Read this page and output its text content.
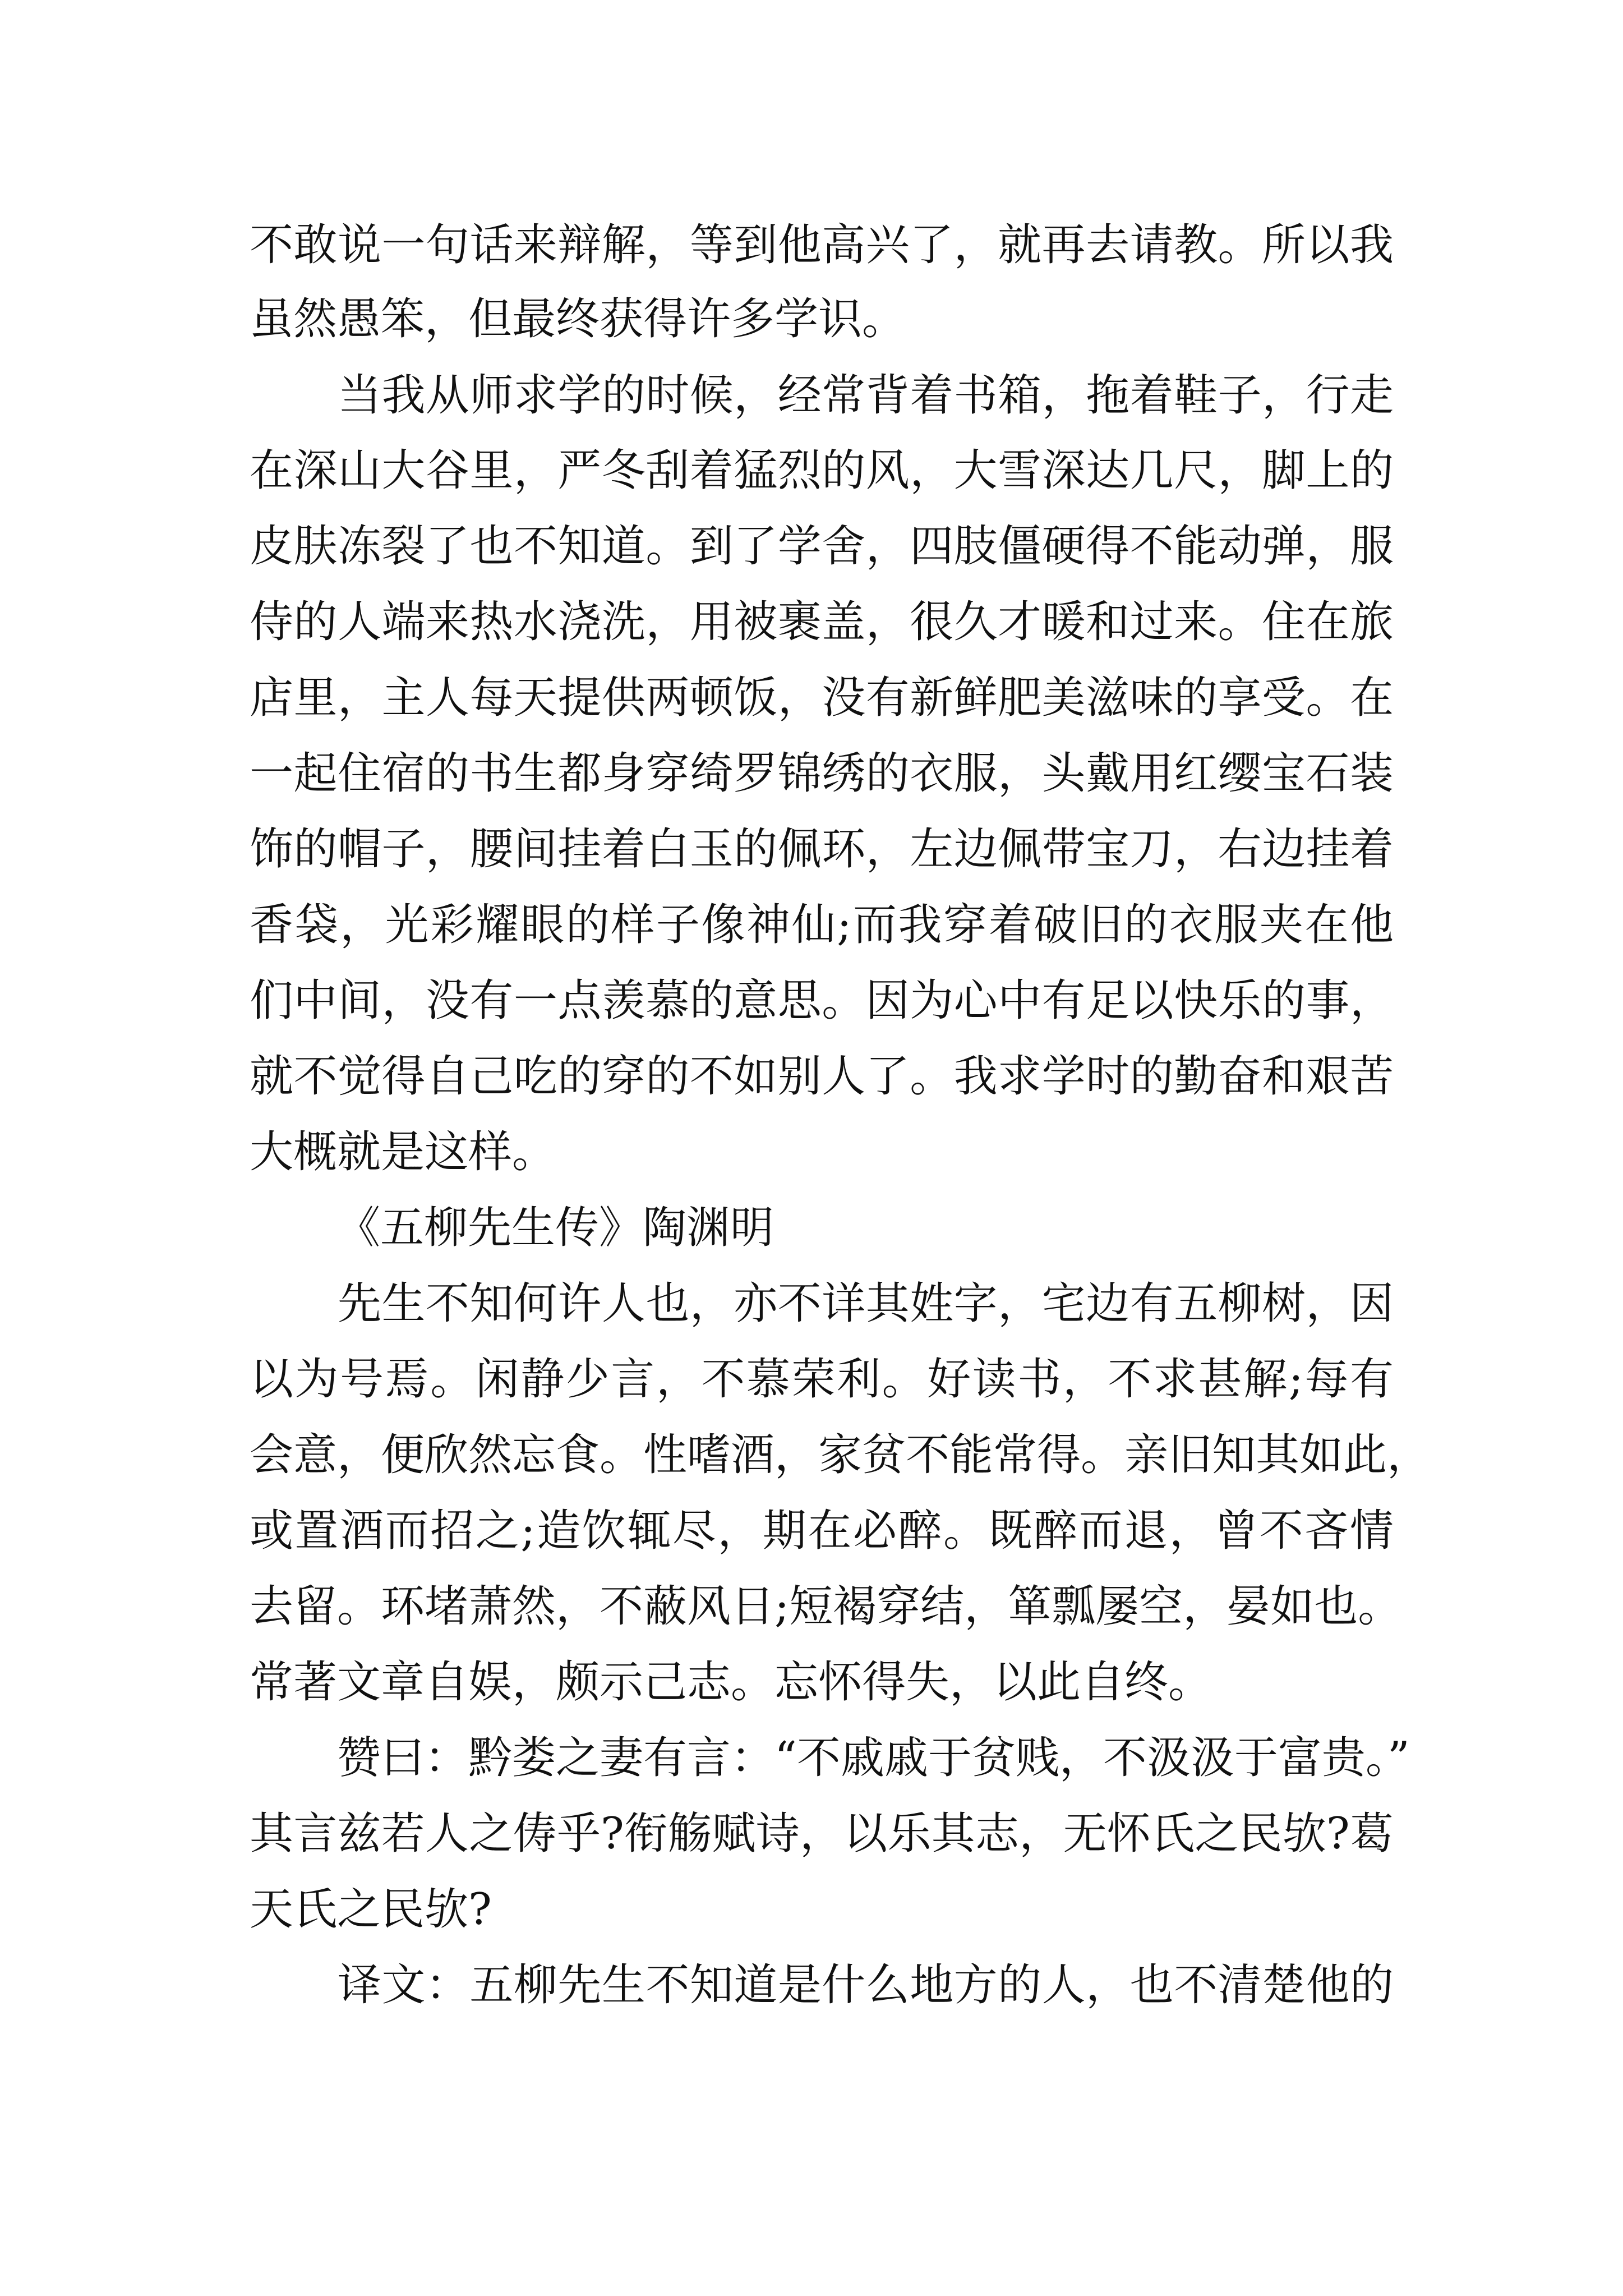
不敢说一句话来辩解，等到他高兴了，就再去请教。所以我
虽然愚笨，但最终获得许多学识。
　　当我从师求学的时候，经常背着书箱，拖着鞋子，行走
在深山大谷里，严冬刮着猛烈的风，大雪深达几尺，脚上的
皮肤冻裂了也不知道。到了学舍，四肢僵硬得不能动弹，服
侍的人端来热水浇洗，用被裹盖，很久才暖和过来。住在旅
店里，主人每天提供两顿饭，没有新鲜肥美滋味的享受。在
一起住宿的书生都身穿绮罗锦绣的衣服，头戴用红缨宝石装
饰的帽子，腰间挂着白玉的佩环，左边佩带宝刀，右边挂着
香袋，光彩耀眼的样子像神仙;而我穿着破旧的衣服夹在他
们中间，没有一点羡慕的意思。因为心中有足以快乐的事，
就不觉得自己吃的穿的不如别人了。我求学时的勤奋和艰苦
大概就是这样。
《五柳先生传》陶渊明
　　先生不知何许人也，亦不详其姓字，宅边有五柳树，因
以为号焉。闲静少言，不慕荣利。好读书，不求甚解;每有
会意，便欣然忘食。性嗜酒，家贫不能常得。亲旧知其如此，
或置酒而招之;造饮辄尽，期在必醉。既醉而退，曾不吝情
去留。环堵萧然，不蔽风日;短褐穿结，箪瓢屡空，晏如也。
常著文章自娱，颇示己志。忘怀得失，以此自终。
　　赞曰：黔娄之妻有言：“不戚戚于贫贱，不汲汲于富贵。”
其言兹若人之俦乎?衔觞赋诗，以乐其志，无怀氏之民欤?葛
天氏之民欤?
　　译文：五柳先生不知道是什么地方的人，也不清楚他的
